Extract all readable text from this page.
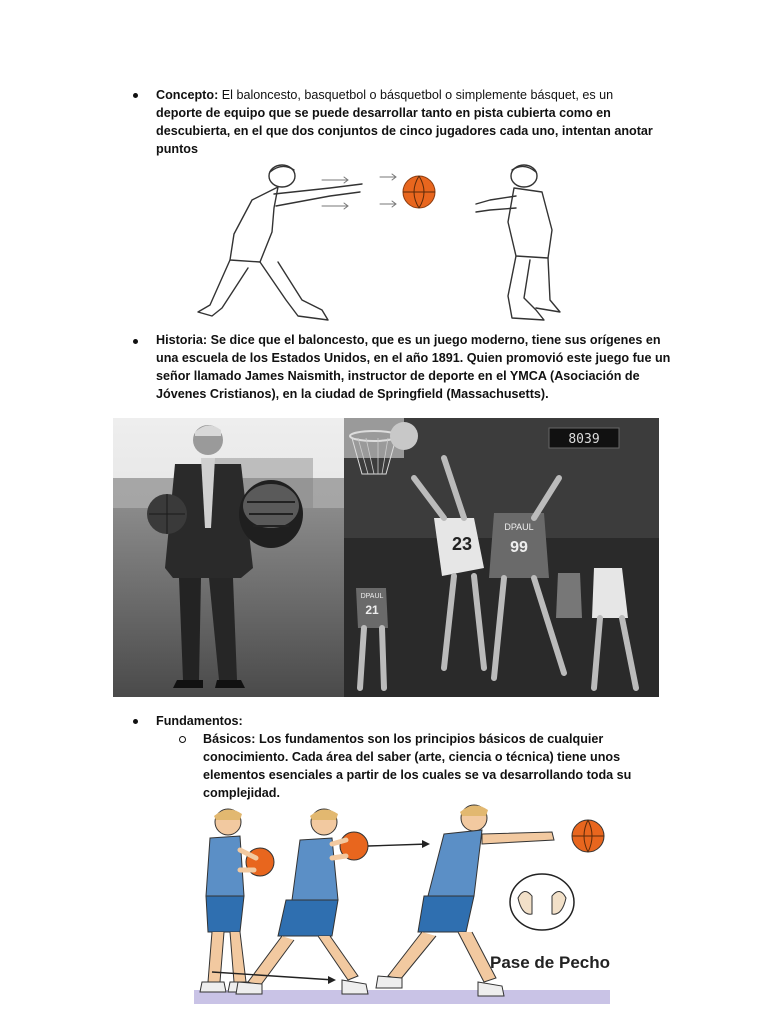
Concepto: El baloncesto, basquetbol o básquetbol o simplemente básquet, es un
deporte de equipo que se puede desarrollar tanto en pista cubierta como en
descubierta, en el que dos conjuntos de cinco jugadores cada uno, intentan anotar
puntos
Historia: Se dice que el baloncesto, que es un juego moderno, tiene sus orígenes en
una escuela de los Estados Unidos, en el año 1891. Quien promovió este juego fue un
señor llamado James Naismith, instructor de deporte en el YMCA (Asociación de
Jóvenes Cristianos), en la ciudad de Springfield (Massachusetts).
8039
23
DPAUL
99
DPAUL
21
Fundamentos:
Básicos: Los fundamentos son los principios básicos de cualquier
conocimiento. Cada área del saber (arte, ciencia o técnica) tiene unos
elementos esenciales a partir de los cuales se va desarrollando toda su
complejidad.
Pase de Pecho
